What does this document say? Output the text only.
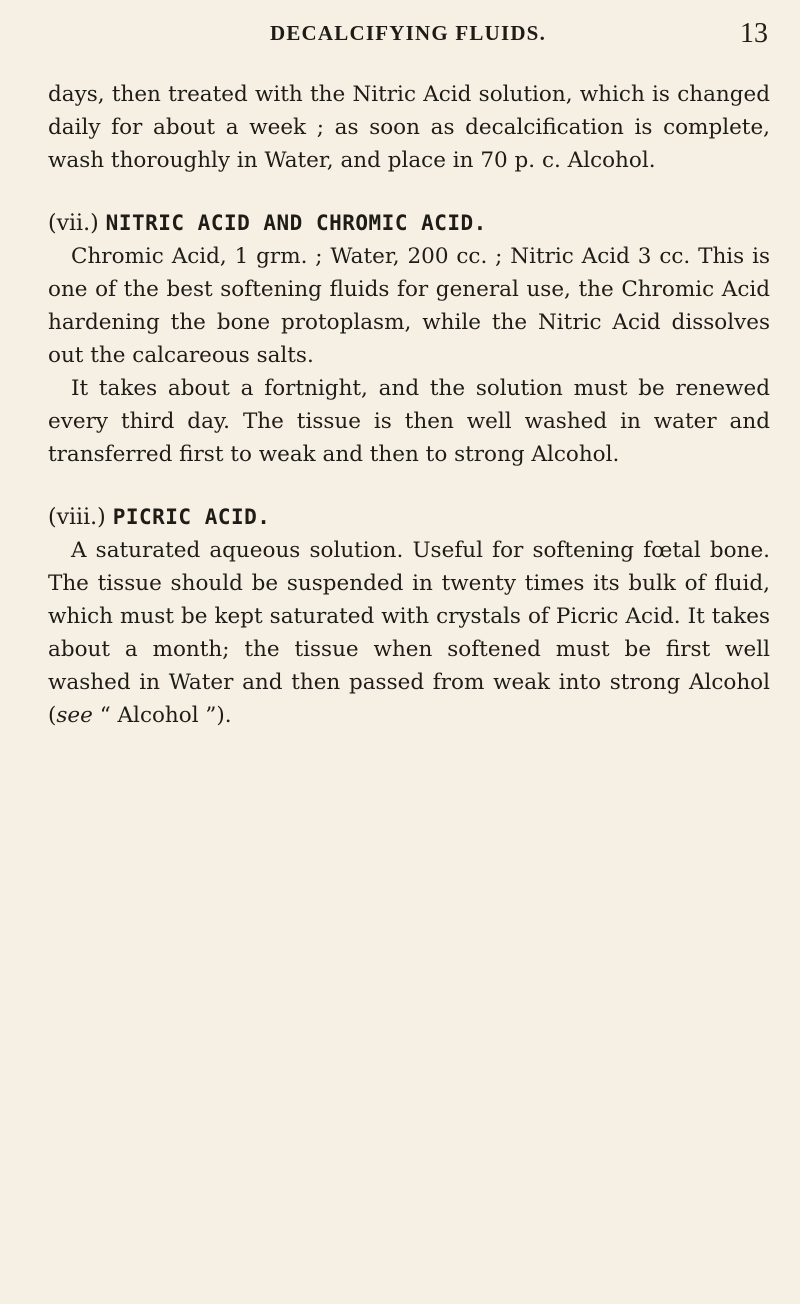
DECALCIFYING FLUIDS.	13

days, then treated with the Nitric Acid solution, which is changed daily for about a week ; as soon as decalcification is complete, wash thoroughly in Water, and place in 70 p. c. Alcohol.

(vii.) NITRIC ACID AND CHROMIC ACID.

Chromic Acid, 1 grm. ; Water, 200 cc. ; Nitric Acid 3 cc. This is one of the best softening fluids for general use, the Chromic Acid hardening the bone protoplasm, while the Nitric Acid dissolves out the calcareous salts.

It takes about a fortnight, and the solution must be renewed every third day. The tissue is then well washed in water and transferred first to weak and then to strong Alcohol.

(viii.) PICRIC ACID.

A saturated aqueous solution. Useful for softening fœtal bone. The tissue should be suspended in twenty times its bulk of fluid, which must be kept saturated with crystals of Picric Acid. It takes about a month; the tissue when softened must be first well washed in Water and then passed from weak into strong Alcohol (see “ Alcohol ”).
